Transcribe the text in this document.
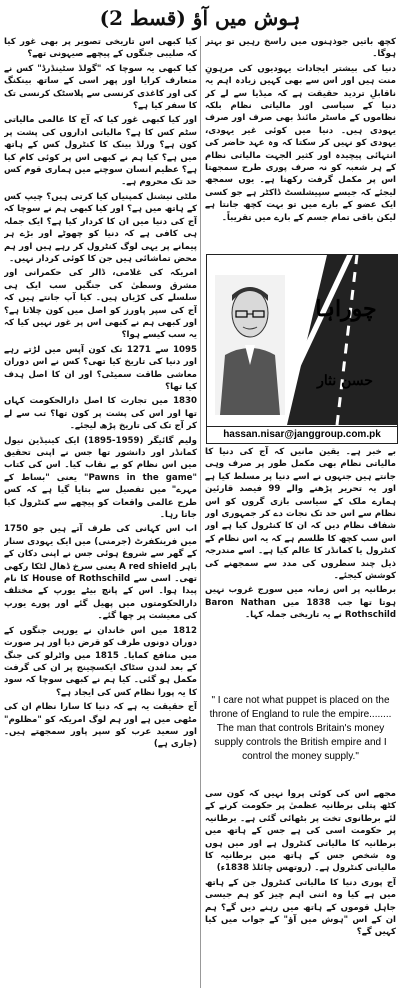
ہوش میں آؤ (قسط 2)

کیا کبھی اس تاریخی تصویر پر بھی غور کیا کہ صلیبی جنگوں کے پیچھے صیہونی تھے؟

کیا کبھی یہ سوچا کہ "گولڈ سٹینڈرڈ" کس نے متعارف کرایا اور پھر اسی کے ساتھ بینکنگ کی اور کاغذی کرنسی سے پلاسٹک کرنسی تک کا سفر کیا ہے؟

اور کیا کبھی غور کیا کہ آج کا عالمی مالیاتی سٹم کس کا ہے؟ مالیاتی اداروں کی پشت پر کون ہے؟ ورلڈ بینک کا کنٹرول کس کے ہاتھ میں ہے؟ کیا ہم نے کبھی اس پر کوئی کام کیا ہے؟ عظیم انسان سوچنے میں ہماری قوم کس حد تک محروم ہے۔

ملٹی نیشنل کمپنیاں کیا کرتی ہیں؟ چیپ کس کے ہاتھ میں ہے؟ اور کیا کبھی ہم نے سوچا کہ آج کی دنیا میں ان کا کردار کیا ہے؟ ایک جملہ ہی کافی ہے کہ دنیا کو چھوٹے اور بڑے ہر پیمانے پر یہی لوگ کنٹرول کر رہے ہیں اور ہم محض تماشائی ہیں جن کا کوئی کردار نہیں۔

امریکہ کی غلامی، ڈالر کی حکمرانی اور مشرق وسطیٰ کی جنگیں سب ایک ہی سلسلے کی کڑیاں ہیں۔ کیا آپ جانتے ہیں کہ آج کی سپر پاورز کو اصل میں کون چلاتا ہے؟ اور کبھی ہم نے کبھی اس پر غور نہیں کیا کہ یہ سب کیسے ہوا؟

1095 سے 1271 تک کون آپس میں لڑتے رہے اور دنیا کی تاریخ کیا تھی؟ کس نے اس دوران معاشی طاقت سمیٹی؟ اور ان کا اصل ہدف کیا تھا؟

1830 میں تجارت کا اصل دارالحکومت کہاں تھا اور اس کی پشت پر کون تھا؟ تب سے لے کر آج تک کی تاریخ پڑھ لیجئے۔

ولیم گائیگر (1959-1895) ایک کینیڈین نیول کمانڈر اور دانشور تھا جس نے اپنی تحقیق میں اس نظام کو بے نقاب کیا۔ اس کی کتاب "Pawns in the game" یعنی "بساط کے مہرے" میں تفصیل سے بتایا گیا ہے کہ کس طرح عالمی واقعات کو پیچھے سے کنٹرول کیا جاتا رہا۔

اب اس کہانی کی طرف آتے ہیں جو 1750 میں فرینکفرٹ (جرمنی) میں ایک یہودی سنار کے گھر سے شروع ہوئی جس نے اپنی دکان کے باہر A red shield یعنی سرخ ڈھال لٹکا رکھی تھی۔ اسی سے House of Rothschild کا نام پیدا ہوا۔ اس کے پانچ بیٹے یورپ کے مختلف دارالحکومتوں میں پھیل گئے اور پورے یورپ کی معیشت پر چھا گئے۔

1812 میں اس خاندان نے یورپی جنگوں کے دوران دونوں طرف کو قرض دیا اور ہر صورت میں منافع کمایا۔ 1815 میں واٹرلو کی جنگ کے بعد لندن سٹاک ایکسچینج پر ان کی گرفت مکمل ہو گئی۔ کیا ہم نے کبھی سوچا کہ سود کا یہ پورا نظام کس کی ایجاد ہے؟

آج حقیقت یہ ہے کہ دنیا کا سارا نظام ان کی مٹھی میں ہے اور ہم لوگ امریکہ کو "مظلوم" اور سعید عرب کو سپر پاور سمجھتے ہیں۔ (جاری ہے)

کچھ باتیں جوذہنوں میں راسخ رہیں تو بہتر ہوگا۔

دنیا کی بیشتر ایجادات یہودیوں کی مرہونِ منت ہیں اور اس سے بھی کہیں زیادہ اہم یہ ناقابلِ تردید حقیقت ہے کہ میڈیا سے لے کر دنیا کے سیاسی اور مالیاتی نظام بلکہ نظاموں کے ماسٹر مائنڈ بھی صرف اور صرف یہودی ہیں۔ دنیا میں کوئی غیر یہودی، یہودی کو نہیں کر سکتا کہ وہ عہد حاضر کی انتہائی پیچیدہ اور کثیر الجہت مالیاتی نظام کے ہر شعبہ کو نہ صرف پوری طرح سمجھتا اس پر مکمل گرفت رکھتا ہے۔ یوں سمجھ لیجئے کہ جیسے سپیشلسٹ ڈاکٹر ہے جو کسی ایک عضو کے بارے میں تو بہت کچھ جانتا ہے لیکن باقی تمام جسم کے بارے میں تقریباً۔

چوراہا
حسن نثار
hassan.nisar@janggroup.com.pk

بے خبر ہے۔ یقین مانیں کہ آج کی دنیا کا مالیاتی نظام بھی مکمل طور پر صرف وہی جانتے ہیں جنہوں نے اسے دنیا پر مسلط کیا ہے اور یہ تحریر پڑھنے والے 99 فیصد قارئین ہمارے ملک کے سیاسی بازی گروں کو اس نظام سے اس حد تک نجات دے کر جمہوری اور شفاف نظام دیں کہ ان کا کنٹرول کیا ہے اور اس سب کچھ کا طلسم ہے کہ یہ اس نظام کے کنٹرول یا کمانڈر کا عالم کیا ہے۔ اسے مندرجہ ذیل چند سطروں کی مدد سے سمجھنے کی کوشش کیجئے۔

برطانیہ پر اس زمانہ میں سورج غروب نہیں ہوتا تھا جب 1838 میں Baron Nathan Rothschild نے یہ تاریخی جملہ کہا۔

" I care not what puppet is placed on the throne of England to rule the empire........ The man that controls Britain's money supply controls the British empire and I control the money supply."

مجھے اس کی کوئی پروا نہیں کہ کون سی کٹھ پتلی برطانیہ عظمیٰ پر حکومت کرنے کے لئے برطانوی تخت پر بٹھائی گئی ہے۔ برطانیہ پر حکومت اسی کی ہے جس کے ہاتھ میں برطانیہ کا مالیاتی کنٹرول ہے اور میں ہوں وہ شخص جس کے ہاتھ میں برطانیہ کا مالیاتی کنٹرول ہے۔ (روتھس چائلڈ 1838ء)

آج پوری دنیا کا مالیاتی کنٹرول جن کے ہاتھ میں ہے کیا وہ اتنی اہم چیز کو ہم جیسی جاہل قوموں کے ہاتھ میں رہنے دیں گے؟ ہم ان کے اس "ہوش میں آؤ" کے جواب میں کیا کہیں گے؟
